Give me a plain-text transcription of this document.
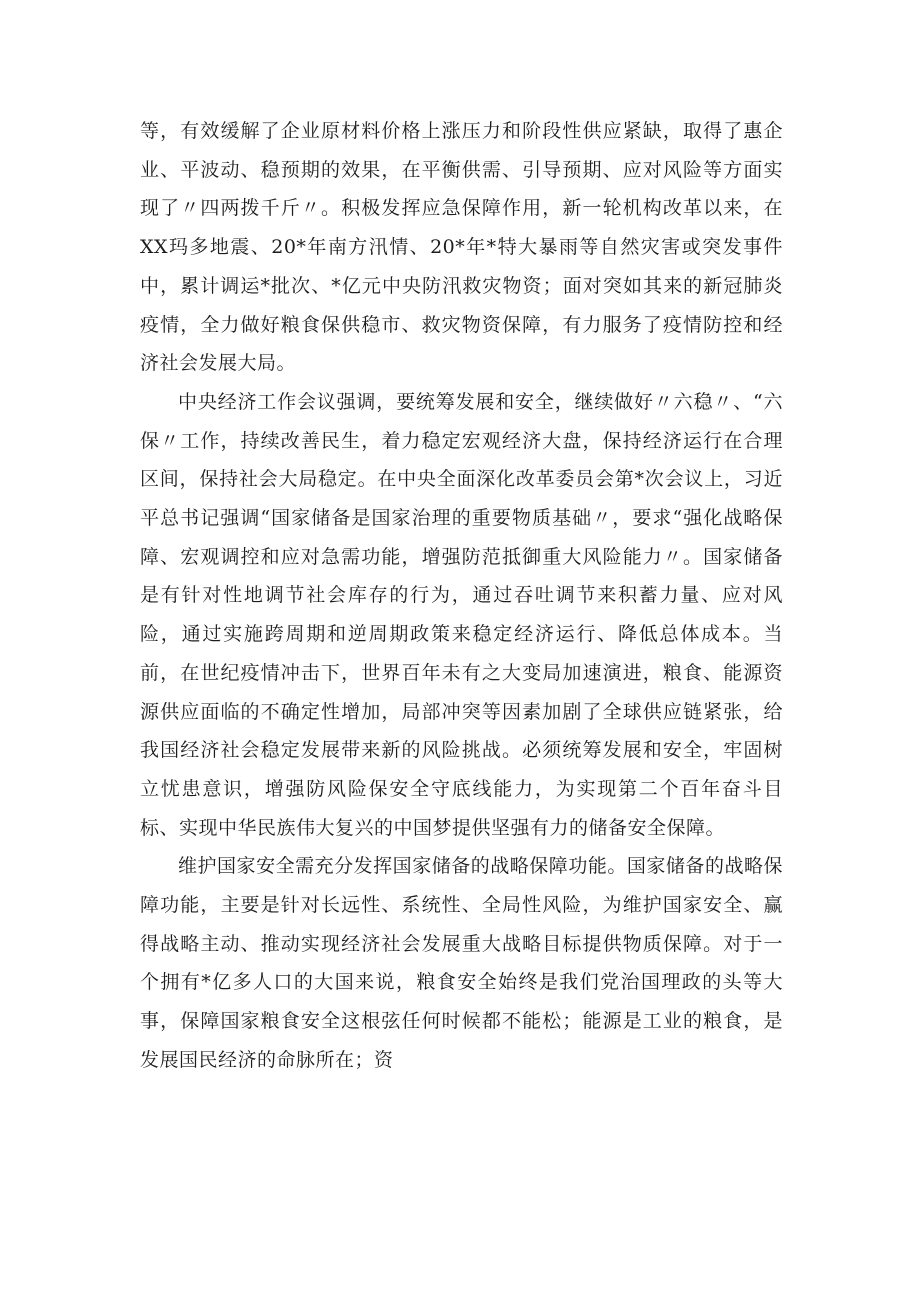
等，有效缓解了企业原材料价格上涨压力和阶段性供应紧缺，取得了惠企业、平波动、稳预期的效果，在平衡供需、引导预期、应对风险等方面实现了〃四两拨千斤〃。积极发挥应急保障作用，新一轮机构改革以来，在XX玛多地震、20*年南方汛情、20*年*特大暴雨等自然灾害或突发事件中，累计调运*批次、*亿元中央防汛救灾物资；面对突如其来的新冠肺炎疫情，全力做好粮食保供稳市、救灾物资保障，有力服务了疫情防控和经济社会发展大局。

中央经济工作会议强调，要统筹发展和安全，继续做好〃六稳〃、“六保〃工作，持续改善民生，着力稳定宏观经济大盘，保持经济运行在合理区间，保持社会大局稳定。在中央全面深化改革委员会第*次会议上，习近平总书记强调“国家储备是国家治理的重要物质基础〃，要求“强化战略保障、宏观调控和应对急需功能，增强防范抵御重大风险能力〃。国家储备是有针对性地调节社会库存的行为，通过吞吐调节来积蓄力量、应对风险，通过实施跨周期和逆周期政策来稳定经济运行、降低总体成本。当前，在世纪疫情冲击下，世界百年未有之大变局加速演进，粮食、能源资源供应面临的不确定性增加，局部冲突等因素加剧了全球供应链紧张，给我国经济社会稳定发展带来新的风险挑战。必须统筹发展和安全，牢固树立忧患意识，增强防风险保安全守底线能力，为实现第二个百年奋斗目标、实现中华民族伟大复兴的中国梦提供坚强有力的储备安全保障。

维护国家安全需充分发挥国家储备的战略保障功能。国家储备的战略保障功能，主要是针对长远性、系统性、全局性风险，为维护国家安全、赢得战略主动、推动实现经济社会发展重大战略目标提供物质保障。对于一个拥有*亿多人口的大国来说，粮食安全始终是我们党治国理政的头等大事，保障国家粮食安全这根弦任何时候都不能松；能源是工业的粮食，是发展国民经济的命脉所在；资
